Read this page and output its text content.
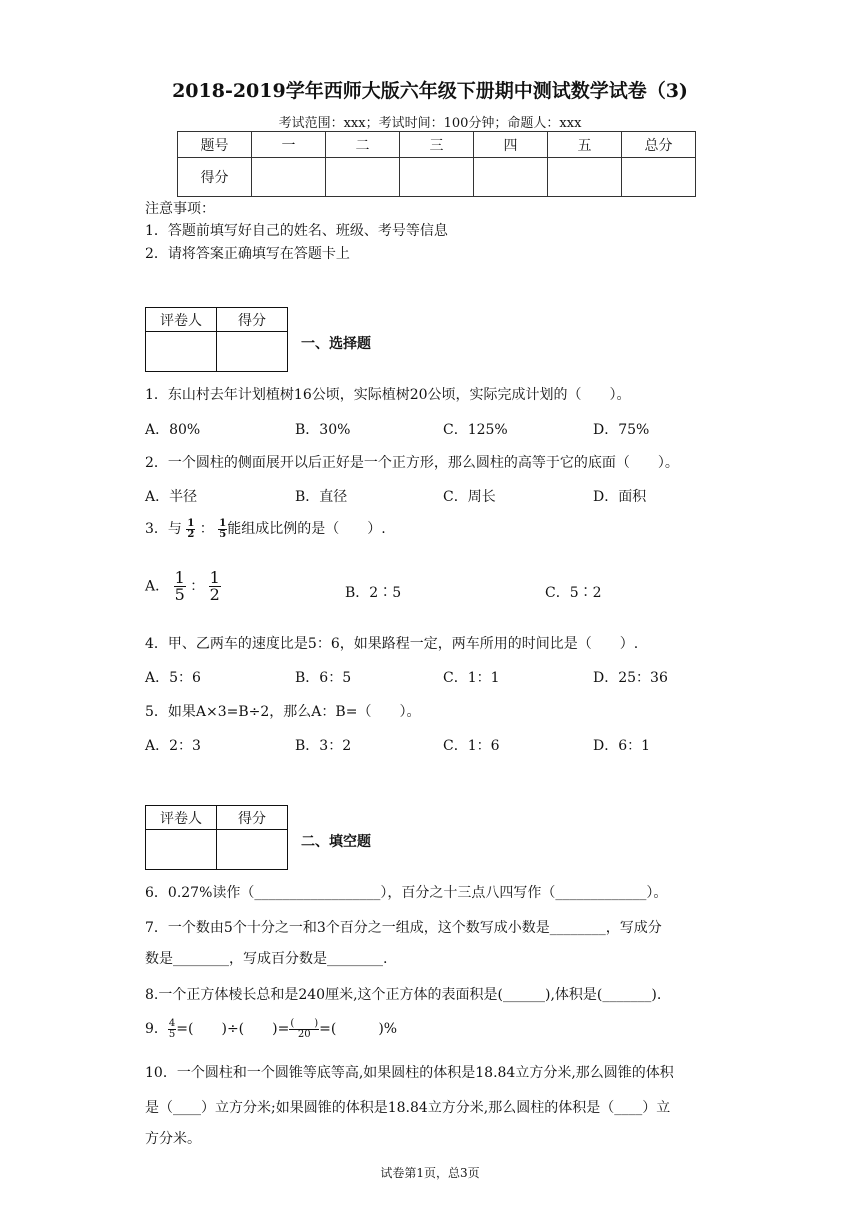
2018-2019学年西师大版六年级下册期中测试数学试卷（3)
考试范围：xxx；考试时间：100分钟；命题人：xxx
题号	一	二	三	四	五	总分
得分						
注意事项：
1．答题前填写好自己的姓名、班级、考号等信息
2．请将答案正确填写在答题卡上
评卷人	得分

一、选择题
1．东山村去年计划植树16公顷，实际植树20公顷，实际完成计划的（　　）。
A．80%	B．30%	C．125%	D．75%
2．一个圆柱的侧面展开以后正好是一个正方形，那么圆柱的高等于它的底面（　　）。
A．半径	B．直径	C．周长	D．面积
3．与 $\frac{1}{2}$ ： $\frac{1}{5}$ 能组成比例的是（　　）.
A． $\frac{1}{5}$ ： $\frac{1}{2}$	B．2∶5	C．5∶2
4．甲、乙两车的速度比是5：6，如果路程一定，两车所用的时间比是（　　）.
A．5：6	B．6：5	C．1：1	D．25：36
5．如果A×3=B÷2，那么A：B=（　　）。
A．2：3	B．3：2	C．1：6	D．6：1
评卷人	得分

二、填空题
6．0.27%读作（__________________），百分之十三点八四写作（_____________）。
7．一个数由5个十分之一和3个百分之一组成，这个数写成小数是________，写成分
数是________，写成百分数是________.
8.一个正方体棱长总和是240厘米,这个正方体的表面积是(______),体积是(_______).
9． $\frac{4}{5}$ =(　　)÷(　　)= $\frac{( )}{20}$ =(　　　)%
10．一个圆柱和一个圆锥等底等高,如果圆柱的体积是18.84立方分米,那么圆锥的体积
是（____）立方分米;如果圆锥的体积是18.84立方分米,那么圆柱的体积是（____）立
方分米。
试卷第1页，总3页
